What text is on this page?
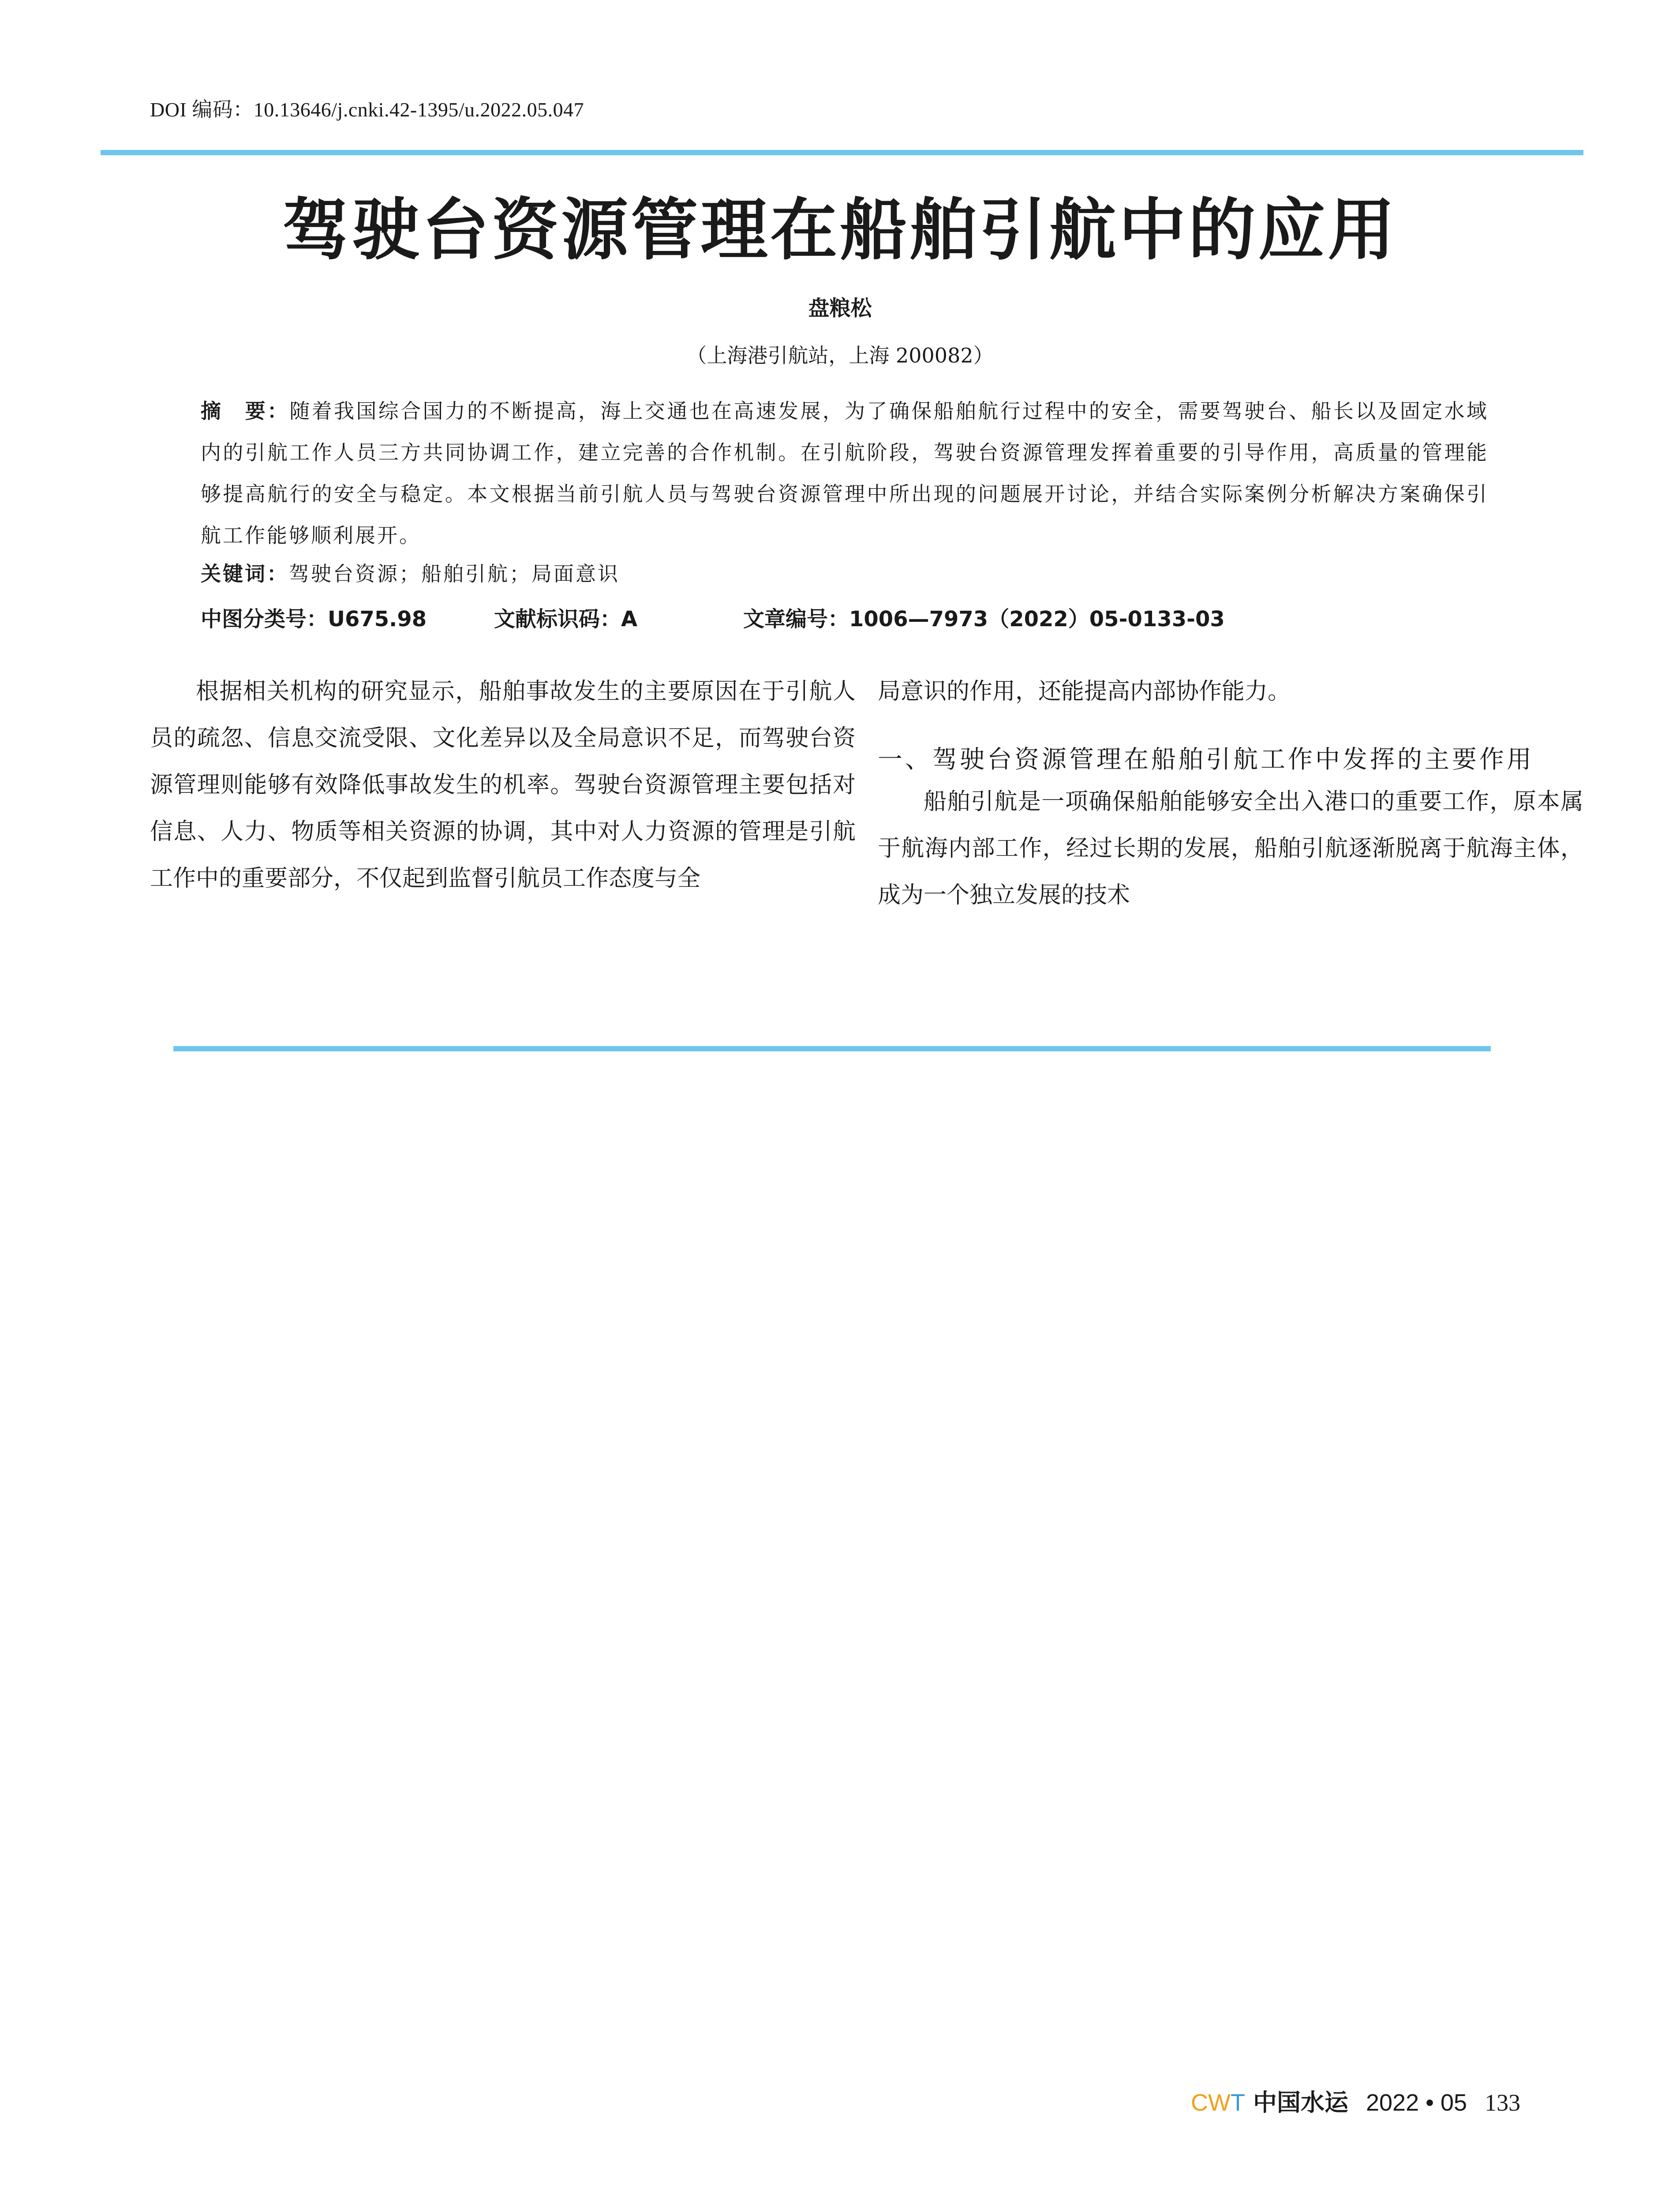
DOI 编码：10.13646/j.cnki.42-1395/u.2022.05.047
驾驶台资源管理在船舶引航中的应用
盘粮松
（上海港引航站，上海 200082）
摘　要：随着我国综合国力的不断提高，海上交通也在高速发展，为了确保船舶航行过程中的安全，需要驾驶台、船长以及固定水域内的引航工作人员三方共同协调工作，建立完善的合作机制。在引航阶段，驾驶台资源管理发挥着重要的引导作用，高质量的管理能够提高航行的安全与稳定。本文根据当前引航人员与驾驶台资源管理中所出现的问题展开讨论，并结合实际案例分析解决方案确保引航工作能够顺利展开。
关键词：驾驶台资源；船舶引航；局面意识
中图分类号：U675.98	文献标识码：A	文章编号：1006—7973（2022）05-0133-03

根据相关机构的研究显示，船舶事故发生的主要原因在于引航人员的疏忽、信息交流受限、文化差异以及全局意识不足，而驾驶台资源管理则能够有效降低事故发生的机率。驾驶台资源管理主要包括对信息、人力、物质等相关资源的协调，其中对人力资源的管理是引航工作中的重要部分，不仅起到监督引航员工作态度与全

局意识的作用，还能提高内部协作能力。

一、驾驶台资源管理在船舶引航工作中发挥的主要作用

船舶引航是一项确保船舶能够安全出入港口的重要工作，原本属于航海内部工作，经过长期的发展，船舶引航逐渐脱离于航海主体，成为一个独立发展的技术

CWT 中国水运 2022 • 05 133
